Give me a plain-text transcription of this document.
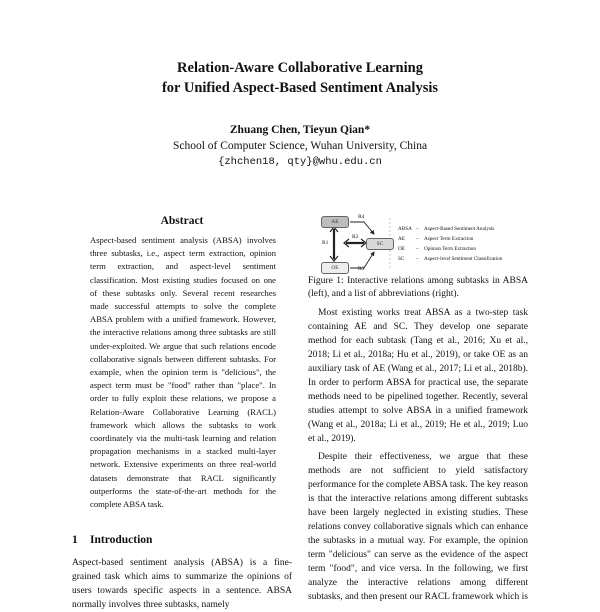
Relation-Aware Collaborative Learning
for Unified Aspect-Based Sentiment Analysis
Zhuang Chen, Tieyun Qian*
School of Computer Science, Wuhan University, China
{zhchen18, qty}@whu.edu.cn
Abstract

Aspect-based sentiment analysis (ABSA) involves three subtasks, i.e., aspect term extraction, opinion term extraction, and aspect-level sentiment classification. Most existing studies focused on one of these subtasks only. Several recent researches made successful attempts to solve the complete ABSA problem with a unified framework. However, the interactive relations among three subtasks are still under-exploited. We argue that such relations encode collaborative signals between different subtasks. For example, when the opinion term is "delicious", the aspect term must be "food" rather than "place". In order to fully exploit these relations, we propose a Relation-Aware Collaborative Learning (RACL) framework which allows the subtasks to work coordinately via the multi-task learning and relation propagation mechanisms in a stacked multi-layer network. Extensive experiments on three real-world datasets demonstrate that RACL significantly outperforms the state-of-the-art methods for the complete ABSA task.

1 Introduction

Aspect-based sentiment analysis (ABSA) is a fine-grained task which aims to summarize the opinions of users towards specific aspects in a sentence. ABSA normally involves three subtasks, namely

AE
SC
OE
R4
R1
R2
R3
ABSA – Aspect-Based Sentiment Analysis
AE – Aspect Term Extraction
OE – Opinion Term Extraction
SC – Aspect-level Sentiment Classification

Figure 1: Interactive relations among subtasks in ABSA (left), and a list of abbreviations (right).

Most existing works treat ABSA as a two-step task containing AE and SC. They develop one separate method for each subtask (Tang et al., 2016; Xu et al., 2018; Li et al., 2018a; Hu et al., 2019), or take OE as an auxiliary task of AE (Wang et al., 2017; Li et al., 2018b). In order to perform ABSA for practical use, the separate methods need to be pipelined together. Recently, several studies attempt to solve ABSA in a unified framework (Wang et al., 2018a; Li et al., 2019; He et al., 2019; Luo et al., 2019).

Despite their effectiveness, we argue that these methods are not sufficient to yield satisfactory performance for the complete ABSA task. The key reason is that the interactive relations among different subtasks have been largely neglected in existing studies. These relations convey collaborative signals which can enhance the subtasks in a mutual way. For example, the opinion term "delicious" can serve as the evidence of the aspect term "food", and vice versa. In the following, we first analyze the interactive relations among different subtasks, and then present our RACL framework which is
